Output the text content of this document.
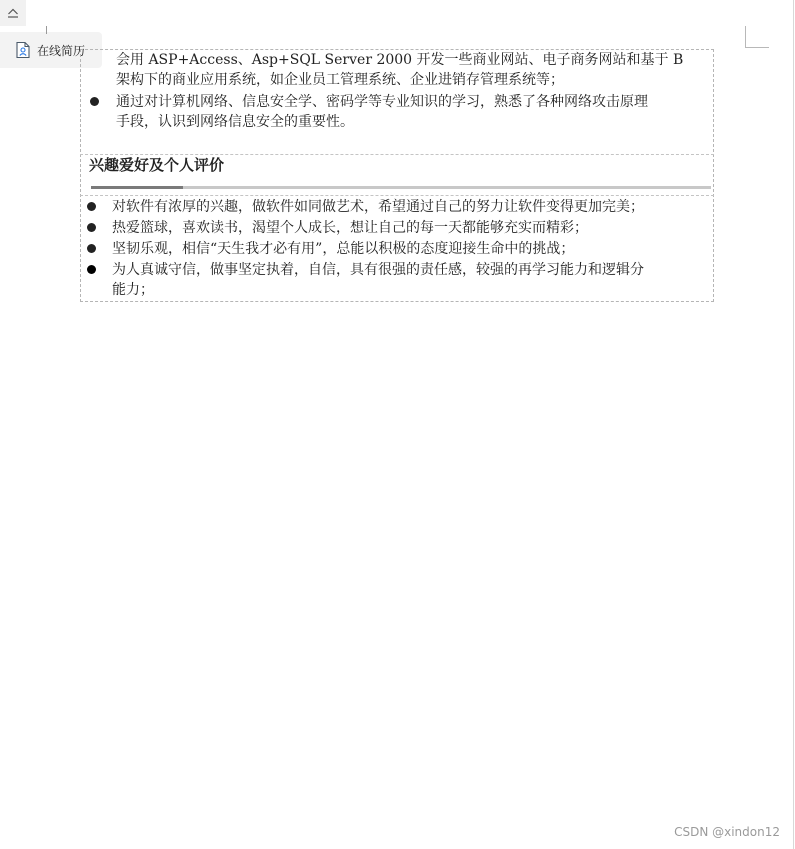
在线简历
会用 ASP+Access、Asp+SQL Server 2000 开发一些商业网站、电子商务网站和基于 B
架构下的商业应用系统，如企业员工管理系统、企业进销存管理系统等；
通过对计算机网络、信息安全学、密码学等专业知识的学习，熟悉了各种网络攻击原理
手段，认识到网络信息安全的重要性。
对软件有浓厚的兴趣，做软件如同做艺术，希望通过自己的努力让软件变得更加完美；
热爱篮球，喜欢读书，渴望个人成长，想让自己的每一天都能够充实而精彩；
坚韧乐观，相信“天生我才必有用”，总能以积极的态度迎接生命中的挑战；
为人真诚守信，做事坚定执着，自信，具有很强的责任感，较强的再学习能力和逻辑分
能力；
兴趣爱好及个人评价
CSDN @xindon12
